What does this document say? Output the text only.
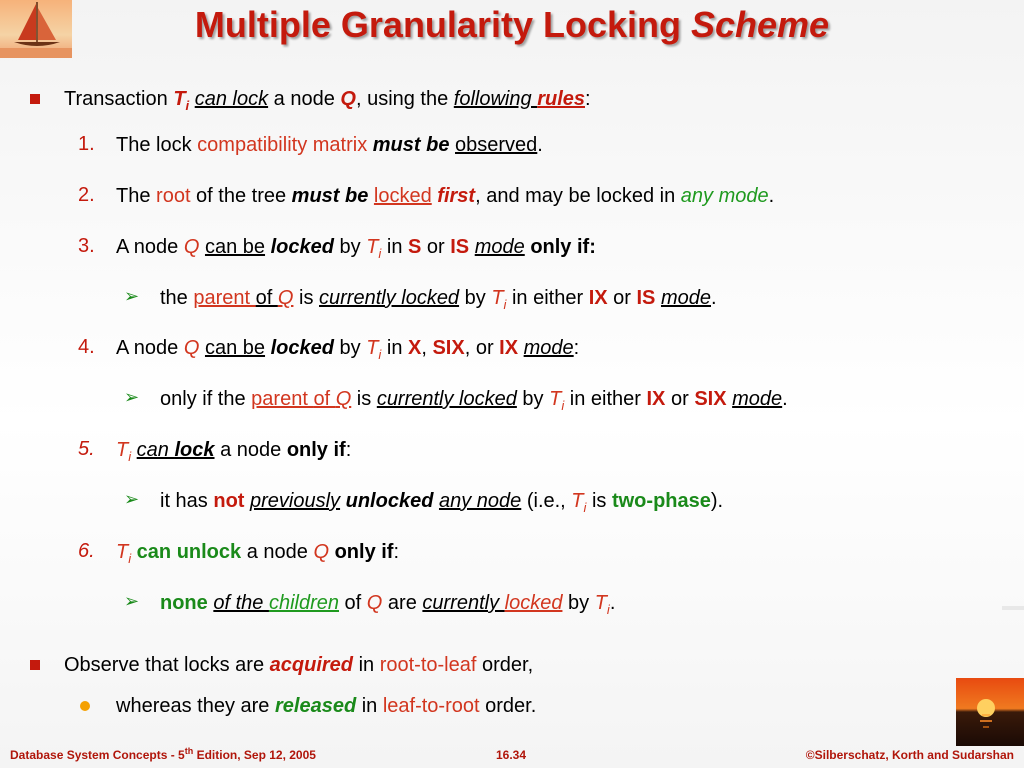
Multiple Granularity Locking Scheme
Transaction $T_i$ can lock a node Q, using the following rules:
1. The lock compatibility matrix must be observed.
2. The root of the tree must be locked first, and may be locked in any mode.
3. A node Q can be locked by $T_i$ in S or IS mode only if:
➢ the parent of Q is currently locked by $T_i$ in either IX or IS mode.
4. A node Q can be locked by $T_i$ in X, SIX, or IX mode:
➢ only if the parent of Q is currently locked by $T_i$ in either IX or SIX mode.
5. $T_i$ can lock a node only if:
➢ it has not previously unlocked any node (i.e., $T_i$ is two-phase).
6. $T_i$ can unlock a node Q only if:
➢ none of the children of Q are currently locked by $T_i$.
Observe that locks are acquired in root-to-leaf order,
whereas they are released in leaf-to-root order.
Database System Concepts - 5th Edition, Sep 12, 2005	16.34	©Silberschatz, Korth and Sudarshan
